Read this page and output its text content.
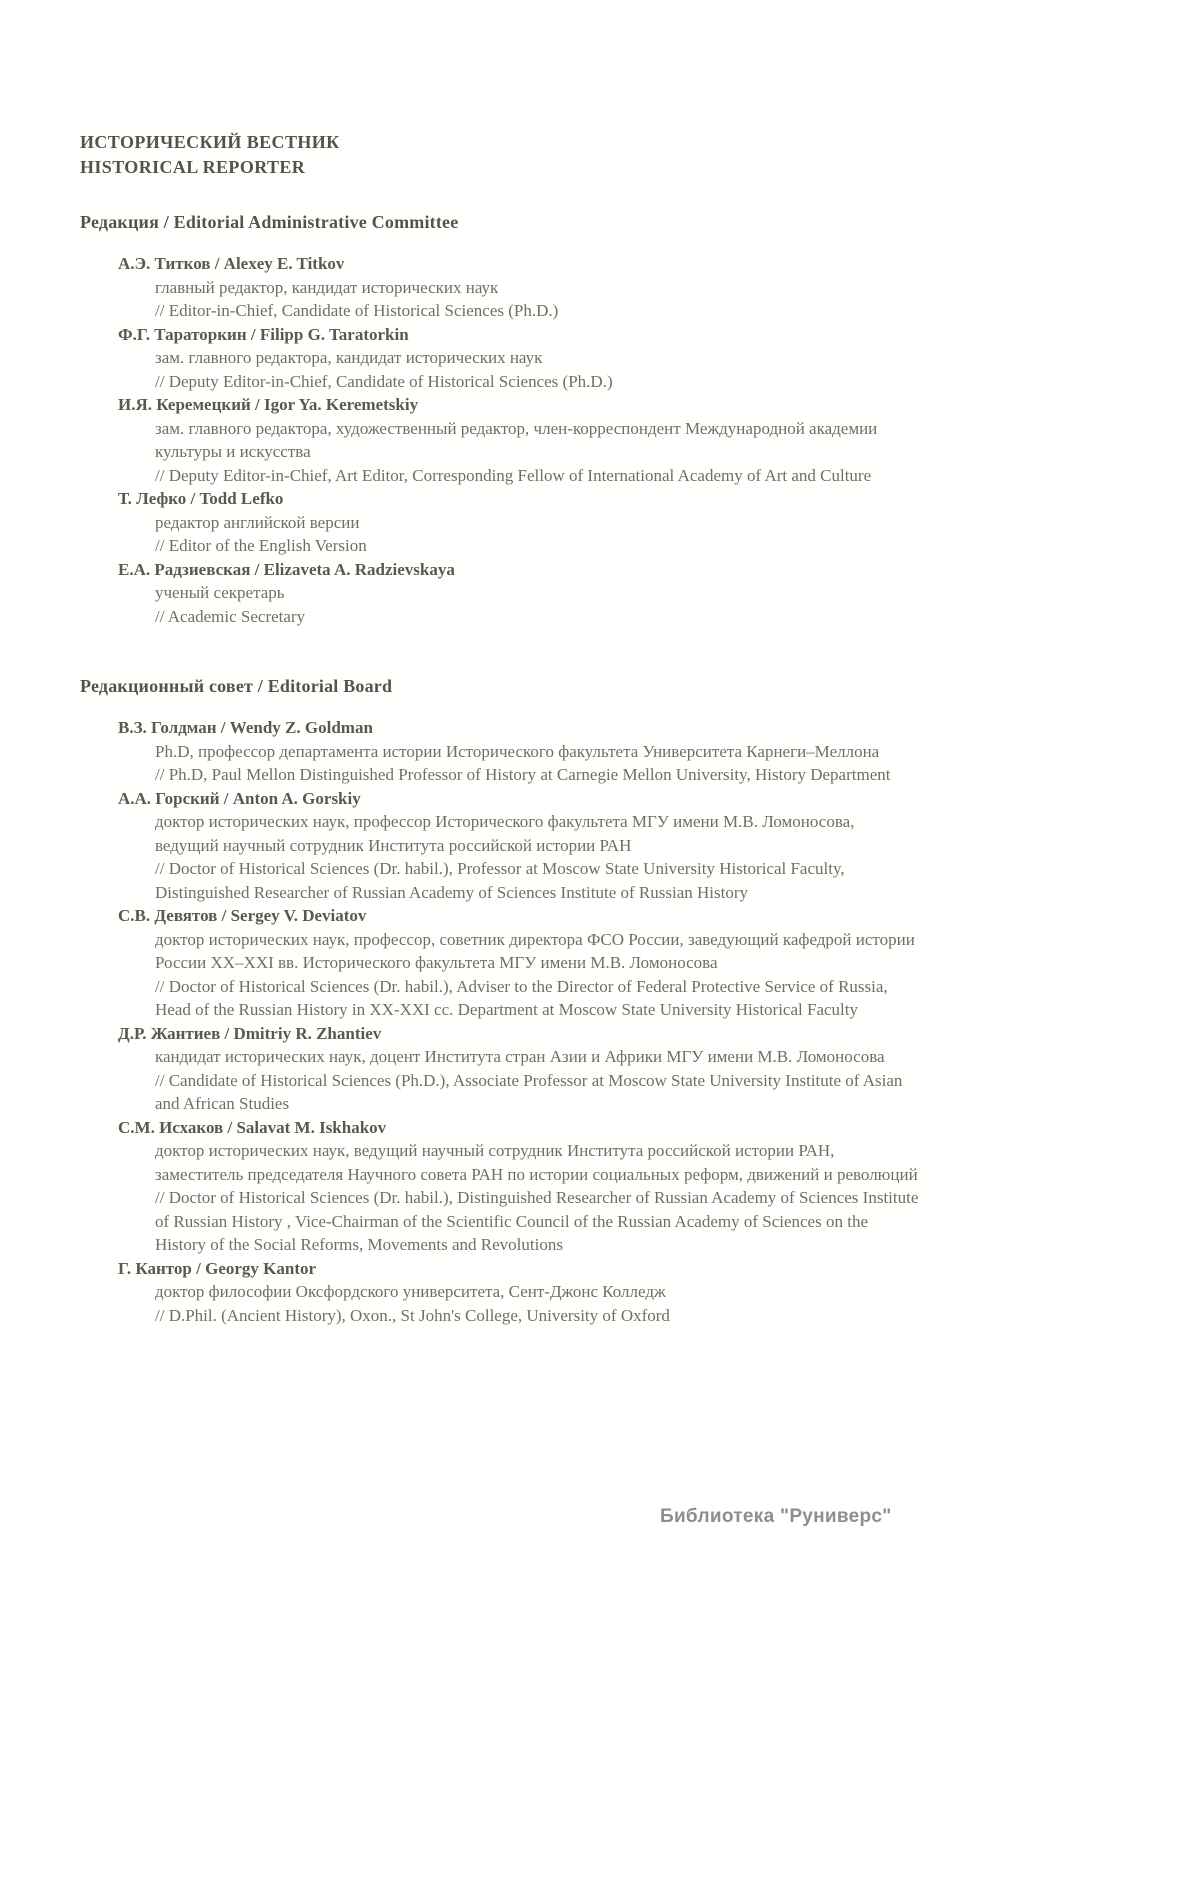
ИСТОРИЧЕСКИЙ ВЕСТНИК
HISTORICAL REPORTER
Редакция / Editorial Administrative Committee
А.Э. Титков / Alexey E. Titkov
главный редактор, кандидат исторических наук
// Editor-in-Chief, Candidate of Historical Sciences (Ph.D.)
Ф.Г. Тараторкин / Filipp G. Taratorkin
зам. главного редактора, кандидат исторических наук
// Deputy Editor-in-Chief, Candidate of Historical Sciences (Ph.D.)
И.Я. Керемецкий / Igor Ya. Keremetskiy
зам. главного редактора, художественный редактор, член-корреспондент Международной академии культуры и искусства
// Deputy Editor-in-Chief, Art Editor, Corresponding Fellow of International Academy of Art and Culture
Т. Лефко / Todd Lefko
редактор английской версии
// Editor of the English Version
Е.А. Радзиевская / Elizaveta A. Radzievskaya
ученый секретарь
// Academic Secretary
Редакционный совет / Editorial Board
В.З. Голдман / Wendy Z. Goldman
Ph.D, профессор департамента истории Исторического факультета Университета Карнеги–Меллона
// Ph.D, Paul Mellon Distinguished Professor of History at Carnegie Mellon University, History Department
А.А. Горский / Anton A. Gorskiy
доктор исторических наук, профессор Исторического факультета МГУ имени М.В. Ломоносова, ведущий научный сотрудник Института российской истории РАН
// Doctor of Historical Sciences (Dr. habil.), Professor at Moscow State University Historical Faculty, Distinguished Researcher of Russian Academy of Sciences Institute of Russian History
С.В. Девятов / Sergey V. Deviatov
доктор исторических наук, профессор, советник директора ФСО России, заведующий кафедрой истории России XX–XXI вв. Исторического факультета МГУ имени М.В. Ломоносова
// Doctor of Historical Sciences (Dr. habil.), Adviser to the Director of Federal Protective Service of Russia, Head of the Russian History in XX-XXI cc. Department at Moscow State University Historical Faculty
Д.Р. Жантиев / Dmitriy R. Zhantiev
кандидат исторических наук, доцент Института стран Азии и Африки МГУ имени М.В. Ломоносова
// Candidate of Historical Sciences (Ph.D.), Associate Professor at Moscow State University Institute of Asian and African Studies
С.М. Исхаков / Salavat M. Iskhakov
доктор исторических наук, ведущий научный сотрудник Института российской истории РАН, заместитель председателя Научного совета РАН по истории социальных реформ, движений и революций
// Doctor of Historical Sciences (Dr. habil.), Distinguished Researcher of Russian Academy of Sciences Institute of Russian History , Vice-Chairman of the Scientific Council of the Russian Academy of Sciences on the History of the Social Reforms, Movements and Revolutions
Г. Кантор / Georgy Kantor
доктор философии Оксфордского университета, Сент-Джонс Колледж
// D.Phil. (Ancient History), Oxon., St John's College, University of Oxford
Библиотека "Руниверс"
